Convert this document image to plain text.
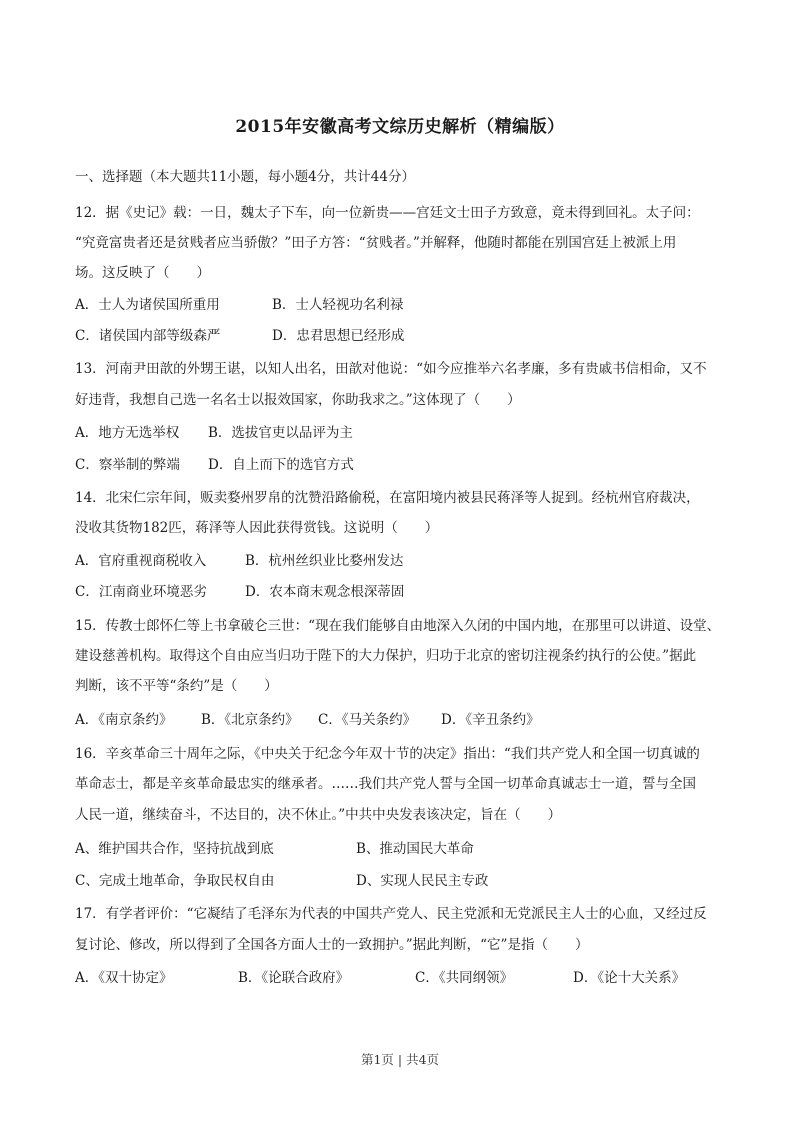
2015年安徽高考文综历史解析（精编版）
一、选择题（本大题共11小题，每小题4分，共计44分）
12．据《史记》载：一日，魏太子下车，向一位新贵——宫廷文士田子方致意，竟未得到回礼。太子问：
“究竟富贵者还是贫贱者应当骄傲？”田子方答：“贫贱者。”并解释，他随时都能在别国宫廷上被派上用
场。这反映了（　　）
A．士人为诸侯国所重用	B．士人轻视功名利禄
C．诸侯国内部等级森严	D．忠君思想已经形成
13．河南尹田歆的外甥王谌，以知人出名，田歆对他说：“如今应推举六名孝廉，多有贵戚书信相命，又不
好违背，我想自己选一名名士以报效国家，你助我求之。”这体现了（　　）
A．地方无选举权 B．选拔官吏以品评为主
C．察举制的弊端 D．自上而下的选官方式
14．北宋仁宗年间，贩卖婺州罗帛的沈赞沿路偷税，在富阳境内被县民蒋泽等人捉到。经杭州官府裁决，
没收其货物182匹，蒋泽等人因此获得赏钱。这说明（　　）
A．官府重视商税收入	B．杭州丝织业比婺州发达
C．江南商业环境恶劣	D．农本商末观念根深蒂固
15．传教士郎怀仁等上书拿破仑三世：“现在我们能够自由地深入久闭的中国内地，在那里可以讲道、设堂、
建设慈善机构。取得这个自由应当归功于陛下的大力保护，归功于北京的密切注视条约执行的公使。”据此
判断，该不平等“条约”是（　　）
A．《南京条约》 B．《北京条约》 C．《马关条约》 D．《辛丑条约》
16．辛亥革命三十周年之际，《中央关于纪念今年双十节的决定》指出：“我们共产党人和全国一切真诚的
革命志士，都是辛亥革命最忠实的继承者。……我们共产党人誓与全国一切革命真诚志士一道，誓与全国
人民一道，继续奋斗，不达目的，决不休止。”中共中央发表该决定，旨在（　　）
A、维护国共合作，坚持抗战到底	B、推动国民大革命
C、完成土地革命，争取民权自由	D、实现人民民主专政
17．有学者评价：“它凝结了毛泽东为代表的中国共产党人、民主党派和无党派民主人士的心血，又经过反
复讨论、修改，所以得到了全国各方面人士的一致拥护。”据此判断，“它”是指（　　）
A．《双十协定》	B．《论联合政府》	C．《共同纲领》	D．《论十大关系》
第1页 | 共4页
